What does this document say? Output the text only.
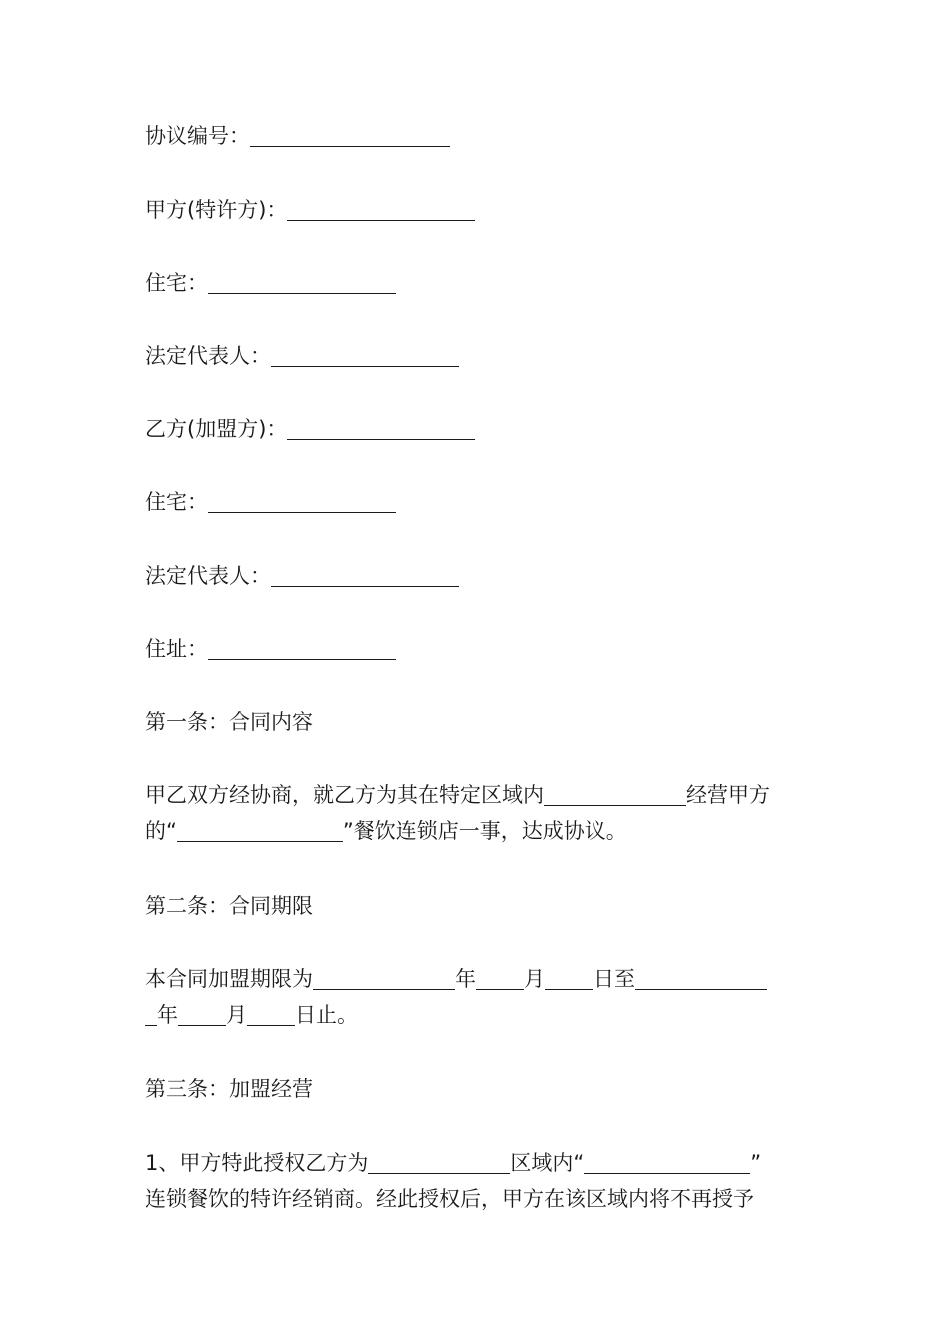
协议编号：
甲方(特许方)：
住宅：
法定代表人：
乙方(加盟方)：
住宅：
法定代表人：
住址：
第一条：合同内容
甲乙双方经协商，就乙方为其在特定区域内	经营甲方
的“	”餐饮连锁店一事，达成协议。
第二条：合同期限
本合同加盟期限为	年 月 日至
年 月 日止。
第三条：加盟经营
1、甲方特此授权乙方为	区域内“	”
连锁餐饮的特许经销商。经此授权后，甲方在该区域内将不再授予
